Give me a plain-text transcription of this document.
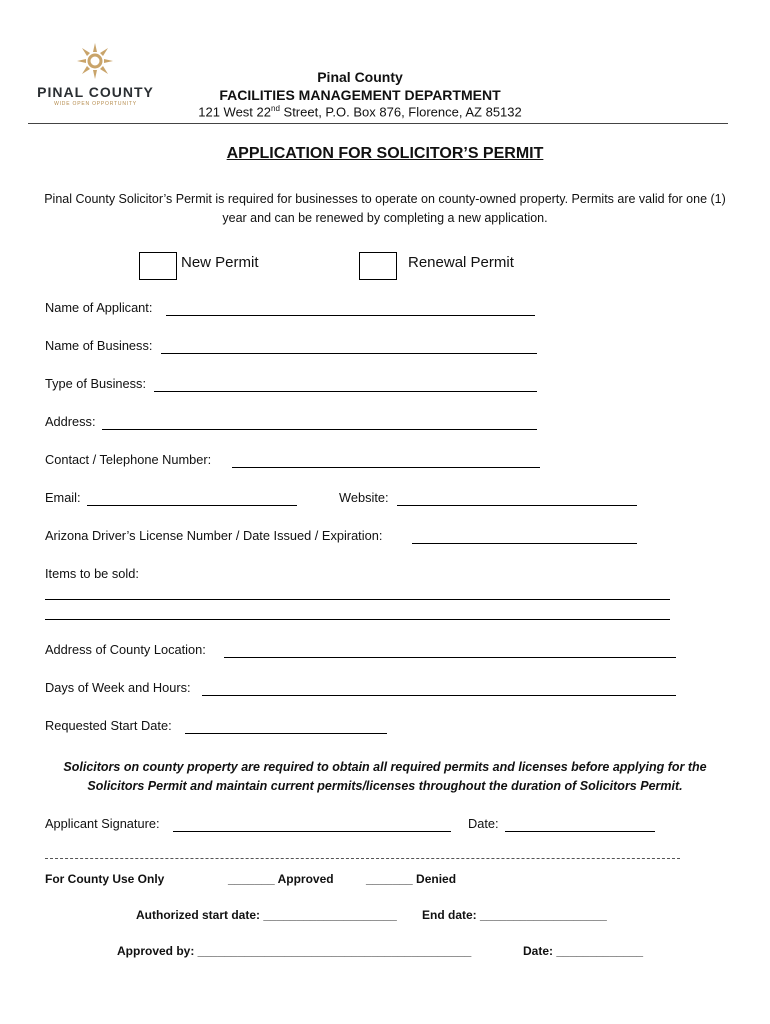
PINAL COUNTY
WIDE OPEN OPPORTUNITY
Pinal County
FACILITIES MANAGEMENT DEPARTMENT
121 West 22nd Street, P.O. Box 876, Florence, AZ 85132
APPLICATION FOR SOLICITOR’S PERMIT
Pinal County Solicitor’s Permit is required for businesses to operate on county-owned property. Permits are valid for one (1) year and can be renewed by completing a new application.
New Permit	Renewal Permit
Name of Applicant:
Name of Business:
Type of Business:
Address:
Contact / Telephone Number:
Email:	Website:
Arizona Driver’s License Number / Date Issued / Expiration:
Items to be sold:
Address of County Location:
Days of Week and Hours:
Requested Start Date:
Solicitors on county property are required to obtain all required permits and licenses before applying for the Solicitors Permit and maintain current permits/licenses throughout the duration of Solicitors Permit.
Applicant Signature:	Date:
For County Use Only	_______ Approved	_______ Denied
Authorized start date: ____________________ End date: ___________________
Approved by: _________________________________________	Date: _____________
